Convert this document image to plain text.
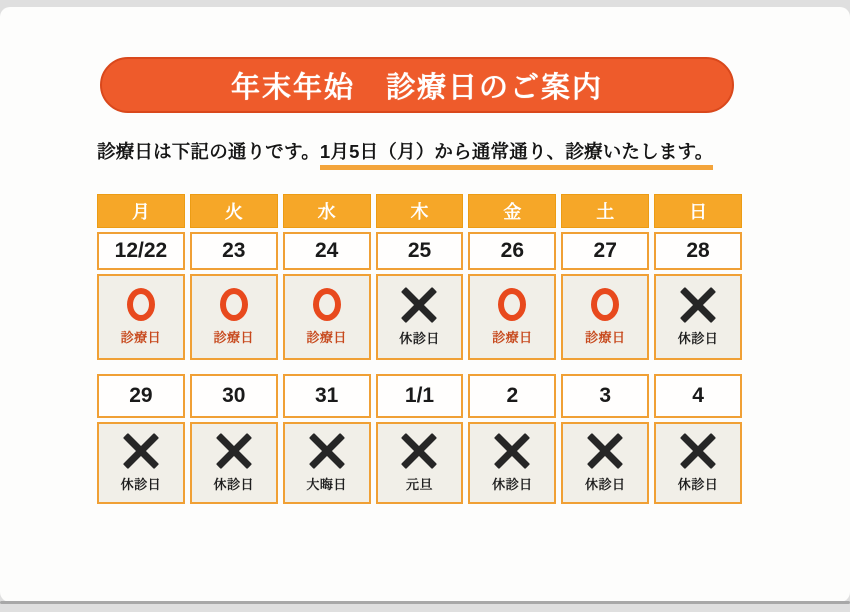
年末年始　診療日のご案内
診療日は下記の通りです。1月5日（月）から通常通り、診療いたします。
月	火	水	木	金	土	日
12/22	23	24	25	26	27	28
診療日	診療日	診療日	休診日	診療日	診療日	休診日
29	30	31	1/1	2	3	4
休診日	休診日	大晦日	元旦	休診日	休診日	休診日
